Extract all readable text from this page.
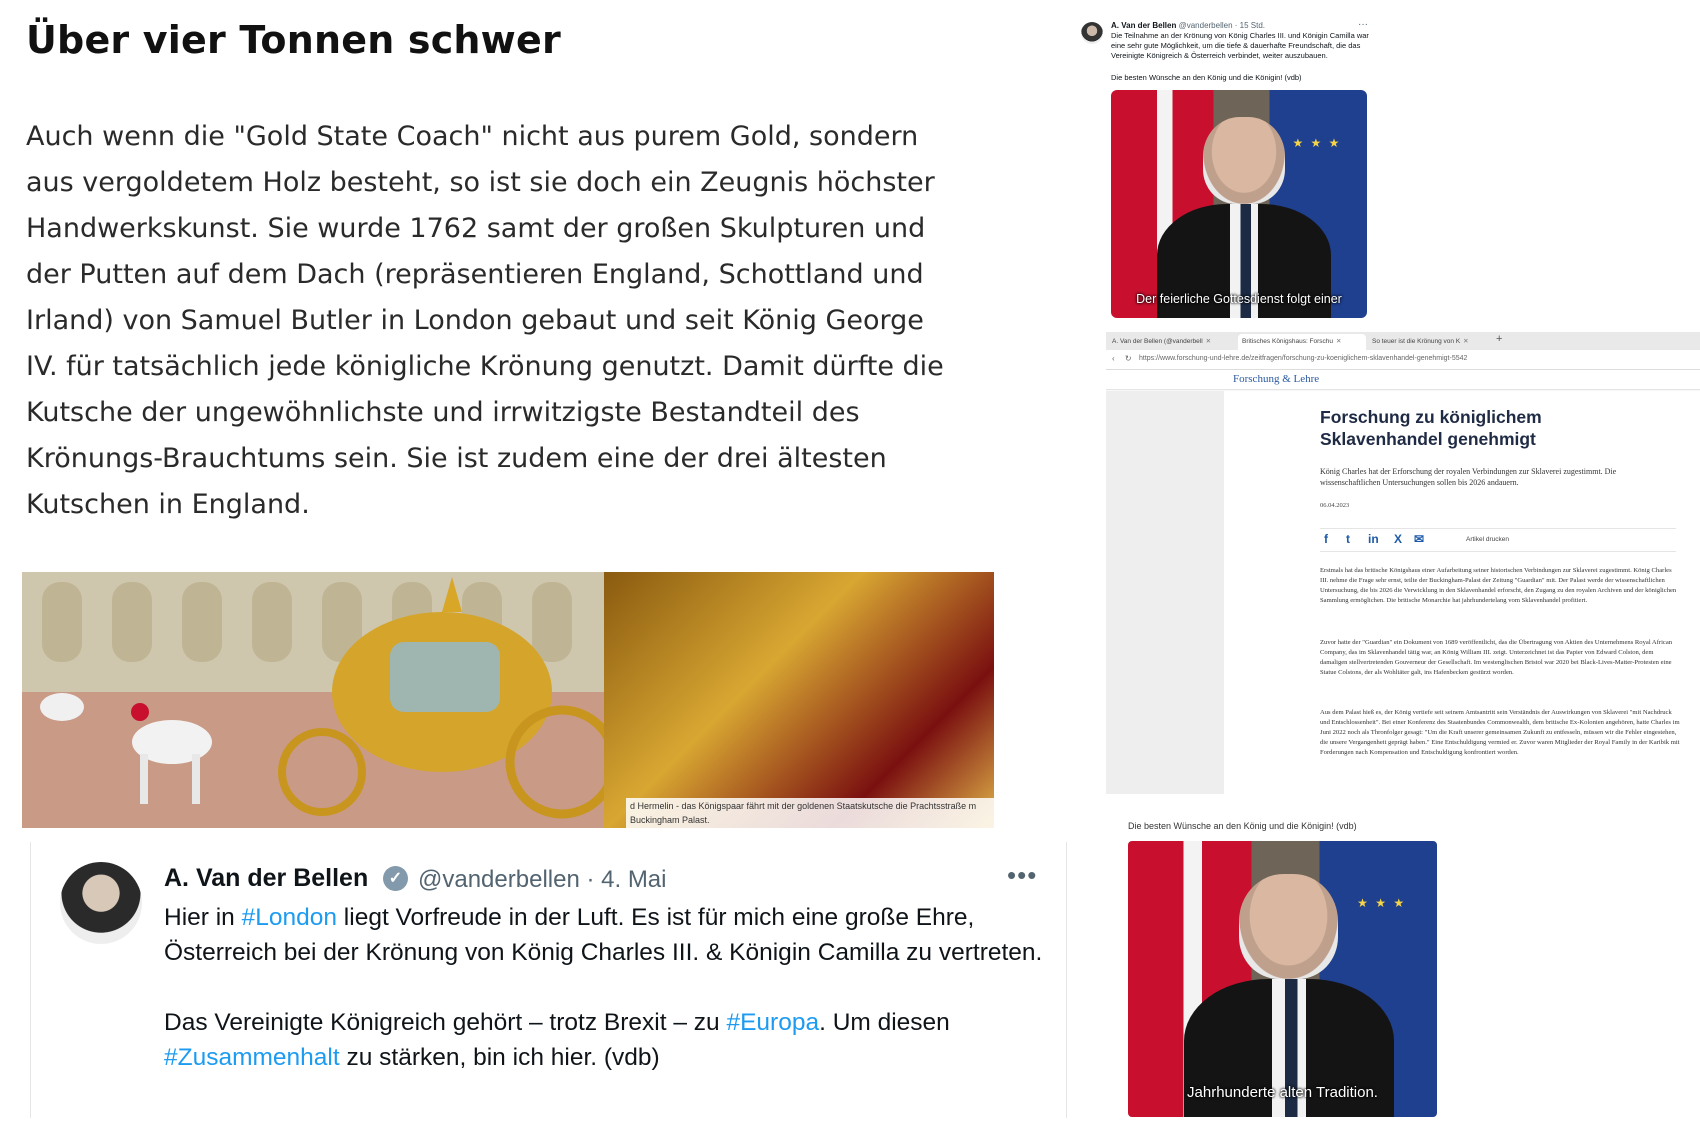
Über vier Tonnen schwer

Auch wenn die "Gold State Coach" nicht aus purem Gold, sondern aus vergoldetem Holz besteht, so ist sie doch ein Zeugnis höchster Handwerkskunst. Sie wurde 1762 samt der großen Skulpturen und der Putten auf dem Dach (repräsentieren England, Schottland und Irland) von Samuel Butler in London gebaut und seit König George IV. für tatsächlich jede königliche Krönung genutzt. Damit dürfte die Kutsche der ungewöhnlichste und irrwitzigste Bestandteil des Krönungs-Brauchtums sein. Sie ist zudem eine der drei ältesten Kutschen in England.

d Hermelin - das Königspaar fährt mit der goldenen Staatskutsche die Prachtsstraße m Buckingham Palast.
A. Van der Bellen	✓ @vanderbellen · 4. Mai	•••
Hier in #London liegt Vorfreude in der Luft. Es ist für mich eine große Ehre, Österreich bei der Krönung von König Charles III. & Königin Camilla zu vertreten.

Das Vereinigte Königreich gehört – trotz Brexit – zu #Europa. Um diesen #Zusammenhalt zu stärken, bin ich hier. (vdb)
A. Van der Bellen @vanderbellen · 15 Std.	···

Die Teilnahme an der Krönung von König Charles III. und Königin Camilla war eine sehr gute Möglichkeit, um die tiefe & dauerhafte Freundschaft, die das Vereinigte Königreich & Österreich verbindet, weiter auszubauen.

Die besten Wünsche an den König und die Königin! (vdb)

★ ★ ★
Der feierliche Gottesdienst folgt einer
A. Van der Bellen (@vanderbell ✕	Britisches Königshaus: Forschu ✕	So teuer ist die Krönung von K ✕	+
‹ ↻ https://www.forschung-und-lehre.de/zeitfragen/forschung-zu-koeniglichem-sklavenhandel-genehmigt-5542
Forschung & Lehre
Forschung zu königlichem Sklavenhandel genehmigt

König Charles hat der Erforschung der royalen Verbindungen zur Sklaverei zugestimmt. Die wissenschaftlichen Untersuchungen sollen bis 2026 andauern.

06.04.2023
f t in X ✉	Artikel drucken

Erstmals hat das britische Königshaus einer Aufarbeitung seiner historischen Verbindungen zur Sklaverei zugestimmt. König Charles III. nehme die Frage sehr ernst, teilte der Buckingham-Palast der Zeitung "Guardian" mit. Der Palast werde der wissenschaftlichen Untersuchung, die bis 2026 die Verwicklung in den Sklavenhandel erforscht, den Zugang zu den royalen Archiven und der königlichen Sammlung ermöglichen. Die britische Monarchie hat jahrhundertelang vom Sklavenhandel profitiert.

Zuvor hatte der "Guardian" ein Dokument von 1689 veröffentlicht, das die Übertragung von Aktien des Unternehmens Royal African Company, das im Sklavenhandel tätig war, an König William III. zeigt. Unterzeichnet ist das Papier von Edward Colston, dem damaligen stellvertretenden Gouverneur der Gesellschaft. Im westenglischen Bristol war 2020 bei Black-Lives-Matter-Protesten eine Statue Colstons, der als Wohltäter galt, ins Hafenbecken gestürzt worden.

Aus dem Palast hieß es, der König vertiefe seit seinem Amtsantritt sein Verständnis der Auswirkungen von Sklaverei "mit Nachdruck und Entschlossenheit". Bei einer Konferenz des Staatenbundes Commonwealth, dem britische Ex-Kolonien angehören, hatte Charles im Juni 2022 noch als Thronfolger gesagt: "Um die Kraft unserer gemeinsamen Zukunft zu entfesseln, müssen wir die Fehler eingestehen, die unsere Vergangenheit geprägt haben." Eine Entschuldigung vermied er. Zuvor waren Mitglieder der Royal Family in der Karibik mit Forderungen nach Kompensation und Entschuldigung konfrontiert worden.

Die besten Wünsche an den König und die Königin! (vdb)

★ ★ ★
Jahrhunderte alten Tradition.
